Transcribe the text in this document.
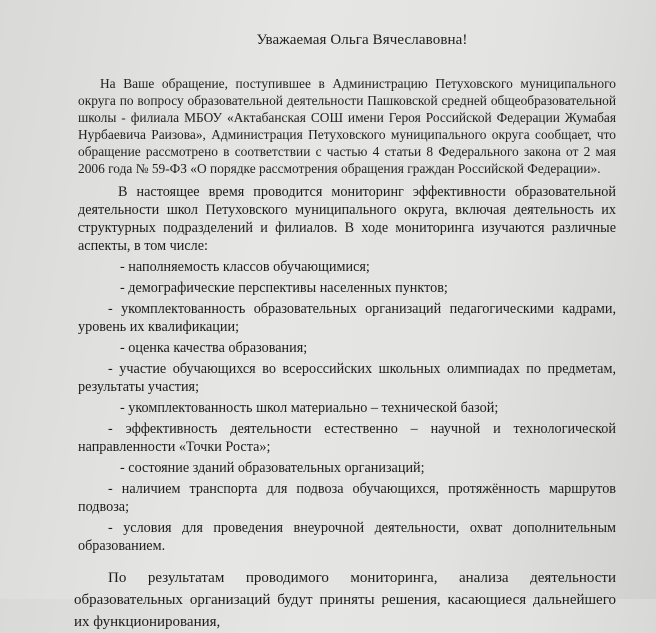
Уважаемая Ольга Вячеславовна!

На Ваше обращение, поступившее в Администрацию Петуховского муниципального округа по вопросу образовательной деятельности Пашковской средней общеобразовательной школы - филиала МБОУ «Актабанская СОШ имени Героя Российской Федерации Жумабая Нурбаевича Раизова», Администрация Петуховского муниципального округа сообщает, что обращение рассмотрено в соответствии с частью 4 статьи 8 Федерального закона от 2 мая 2006 года № 59-ФЗ «О порядке рассмотрения обращения граждан Российской Федерации».

В настоящее время проводится мониторинг эффективности образовательной деятельности школ Петуховского муниципального округа, включая деятельность их структурных подразделений и филиалов. В ходе мониторинга изучаются различные аспекты, в том числе:

- наполняемость классов обучающимися;
- демографические перспективы населенных пунктов;
- укомплектованность образовательных организаций педагогическими кадрами, уровень их квалификации;
- оценка качества образования;
- участие обучающихся во всероссийских школьных олимпиадах по предметам, результаты участия;
- укомплектованность школ материально – технической базой;
- эффективность деятельности естественно – научной и технологической направленности «Точки Роста»;
- состояние зданий образовательных организаций;
- наличием транспорта для подвоза обучающихся, протяжённость маршрутов подвоза;
- условия для проведения внеурочной деятельности, охват дополнительным образованием.

По результатам проводимого мониторинга, анализа деятельности образовательных организаций будут приняты решения, касающиеся дальнейшего их функционирования,
